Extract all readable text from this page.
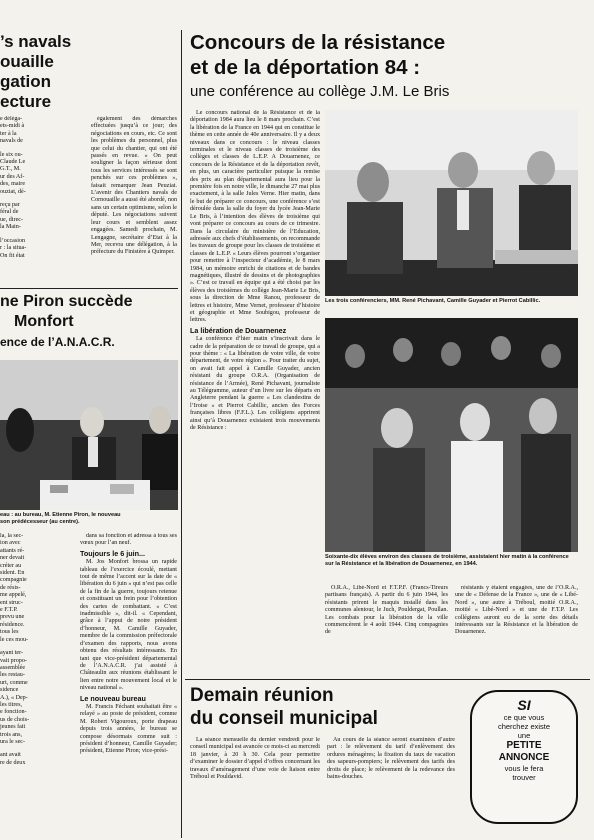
’s navals
ouaille
gation
ecture
e déléga-
ets-midi à
ter à la
navals de
le six ou-
Claude Le
G.T., M.
ur des Af-
des, maire
ouziat, dé-
reçu par
féral de
ue, direc-
la Main-
l’occasion
r : la situa-
On fit état

également des démarches effectuées jusqu’à ce jour; des négociations en cours, etc. Ce sont les problèmes du personnel, plus que celui du chantier, qui ont été passés en revue. « On peut souligner la façon sérieuse dont tous les services intéressés se sont penchés sur ces problèmes », faisait remarquer Jean Peuziat. L’avenir des Chantiers navals de Cornouaille a aussi été abordé, non sans un certain optimisme, selon le député. Les négociations suivent leur cours et semblent assez engagées. Samedi prochain, M. Lengagne, secrétaire d’Etat à la Mer, recevra une délégation, à la préfecture du Finistère à Quimper.

ne Piron succède
Monfort
ence de l’A.N.A.C.R.
eau : au bureau, M. Etienne Piron, le nouveau
son prédécesseur (au centre).
la, la sec-
ion avec
attants ré-
ner devait
créter au
sident. En
compagnie
de résis-
me appelé,
ent struc-
e F.T.P.
prevu une
résidence.
tous les
le ces mou-
ayant ter-
vait propo-
assemblée
les restau-
urt, comme
sidence
A.), « Dep-
les titres,
e fonction-
us de chois-
jeunes fait
trois ans,
ura le sec-
ant avait
re de deux

dans sa fonction et adressa à tous ses vœux pour l’an neuf.

Toujours le 6 juin...

M. Jos Monfort brossa un rapide tableau de l’exercice écoulé, mettant tout de même l’accent sur la date de « libération du 6 juin » qui n’est pas celle de la fin de la guerre, toujours retenue et constituant un frein pour l’obtention des cartes de combattant. « C’est inadmissible », dit-il. « Cependant, grâce à l’appui de notre président d’honneur, M. Camille Guyader, membre de la commission préfectorale d’examen des rapports, nous avons obtenu des résultats intéressants. En tant que vice-président départemental de l’A.N.A.C.R. j’ai assisté à Châteaulin aux réunions établissant le lien entre notre mouvement local et le niveau national ».

Le nouveau bureau

M. Francis Féchant souhaitait être « relayé » au poste de président, comme M. Robert Vigouroux, porte drapeau depuis trois années, le bureau se compose désormais comme suit : président d’honneur, Camille Guyader; président, Etienne Piron; vice-prési-

Concours de la résistance
et de la déportation 84 :
une conférence au collège J.M. Le Bris

Le concours national de la Résistance et de la déportation 1984 aura lieu le 8 mars prochain. C’est la libération de la France en 1944 qui en constitue le thème en cette année de 40e anniversaire. Il y a deux niveaux dans ce concours : le niveau classes terminales et le niveau classes de troisième des collèges et classes de L.E.P. A Douarnenez, ce concours de la Résistance et de la déportation revêt, en plus, un caractère particulier puisque la remise des prix au plan départemental aura lieu pour la première fois en notre ville, le dimanche 27 mai plus exactement, à la salle Jules Verne. Hier matin, dans le but de préparer ce concours, une conférence s’est déroulée dans la salle du foyer du lycée Jean-Marie Le Bris, à l’intention des élèves de troisième qui vont préparer ce concours au cours de ce trimestre. Dans la circulaire du ministère de l’Education, adressée aux chefs d’établissements, on recommande les travaux de groupe pour les classes de troisième et classes de L.E.P. « Leurs élèves pourront s’organiser pour remettre à l’inspecteur d’académie, le 8 mars 1984, un mémoire enrichi de citations et de bandes magnétiques, illustré de dessins et de photographies ». C’est ce travail en équipe qui a été choisi par les élèves des troisièmes du collège Jean-Marie Le Bris, sous la direction de Mme Ranou, professeur de lettres et histoire, Mme Vernet, professeur d’histoire et géographie et Mme Soubigou, professeur de lettres.

La libération de Douarnenez

La conférence d’hier matin s’inscrivait dans le cadre de la préparation de ce travail de groupe, qui a pour thème : « La libération de votre ville, de votre département, de votre région ». Pour traiter du sujet, on avait fait appel à Camille Guyader, ancien résistant du groupe O.R.A. (Organisation de résistance de l’Armée), René Pichavant, journaliste au Télégramme, auteur d’un livre sur les départs en Angleterre pendant la guerre « Les clandestins de l’Iroise » et Pierrot Cabillic, ancien des Forces françaises libres (F.F.L.). Les collégiens apprirent ainsi qu’à Douarnenez existaient trois mouvements de Résistance :

Les trois conférenciers, MM. René Pichavant, Camille Guyader et Pierrot Cabillic.
Soixante-dix élèves environ des classes de troisième, assistaient hier matin à la conférence sur la Résistance et la libération de Douarnenez, en 1944.

O.R.A., Libé-Nord et F.T.P.F. (Francs-Tireurs partisans français). A partir du 6 juin 1944, les résistants prirent le maquis installé dans les communes alentour, le Juch, Pouldergat, Poullan. Les combats pour la libération de la ville commencèrent le 4 août 1944. Cinq compagnies de

résistants y étaient engagées, une de l’O.R.A., une de « Défense de la France », une de « Libé-Nord », une autre à Tréboul, moitié O.R.A., moitié « Libé-Nord » et une de F.T.P. Les collégiens auront eu de la sorte des détails intéressants sur la Résistance et la libération de Douarnenez.

Demain réunion
du conseil municipal

La séance mensuelle du dernier vendredi pour le conseil municipal est avancée ce mois-ci au mercredi 18 janvier, à 20 h 30. Cela pour permettre d’examiner le dossier d’appel d’offres concernant les travaux d’aménagement d’une voie de liaison entre Tréboul et Pouldavid.

Au cours de la séance seront examinées d’autre part : le relèvement du tarif d’enlèvement des ordures ménagères; la fixation du taux de vacation des sapeurs-pompiers; le relèvement des tarifs des droits de place; le relèvement de la redevance des bains-douches.

SI
ce que vous
cherchez existe
une
PETITE
ANNONCE
vous le fera
trouver
